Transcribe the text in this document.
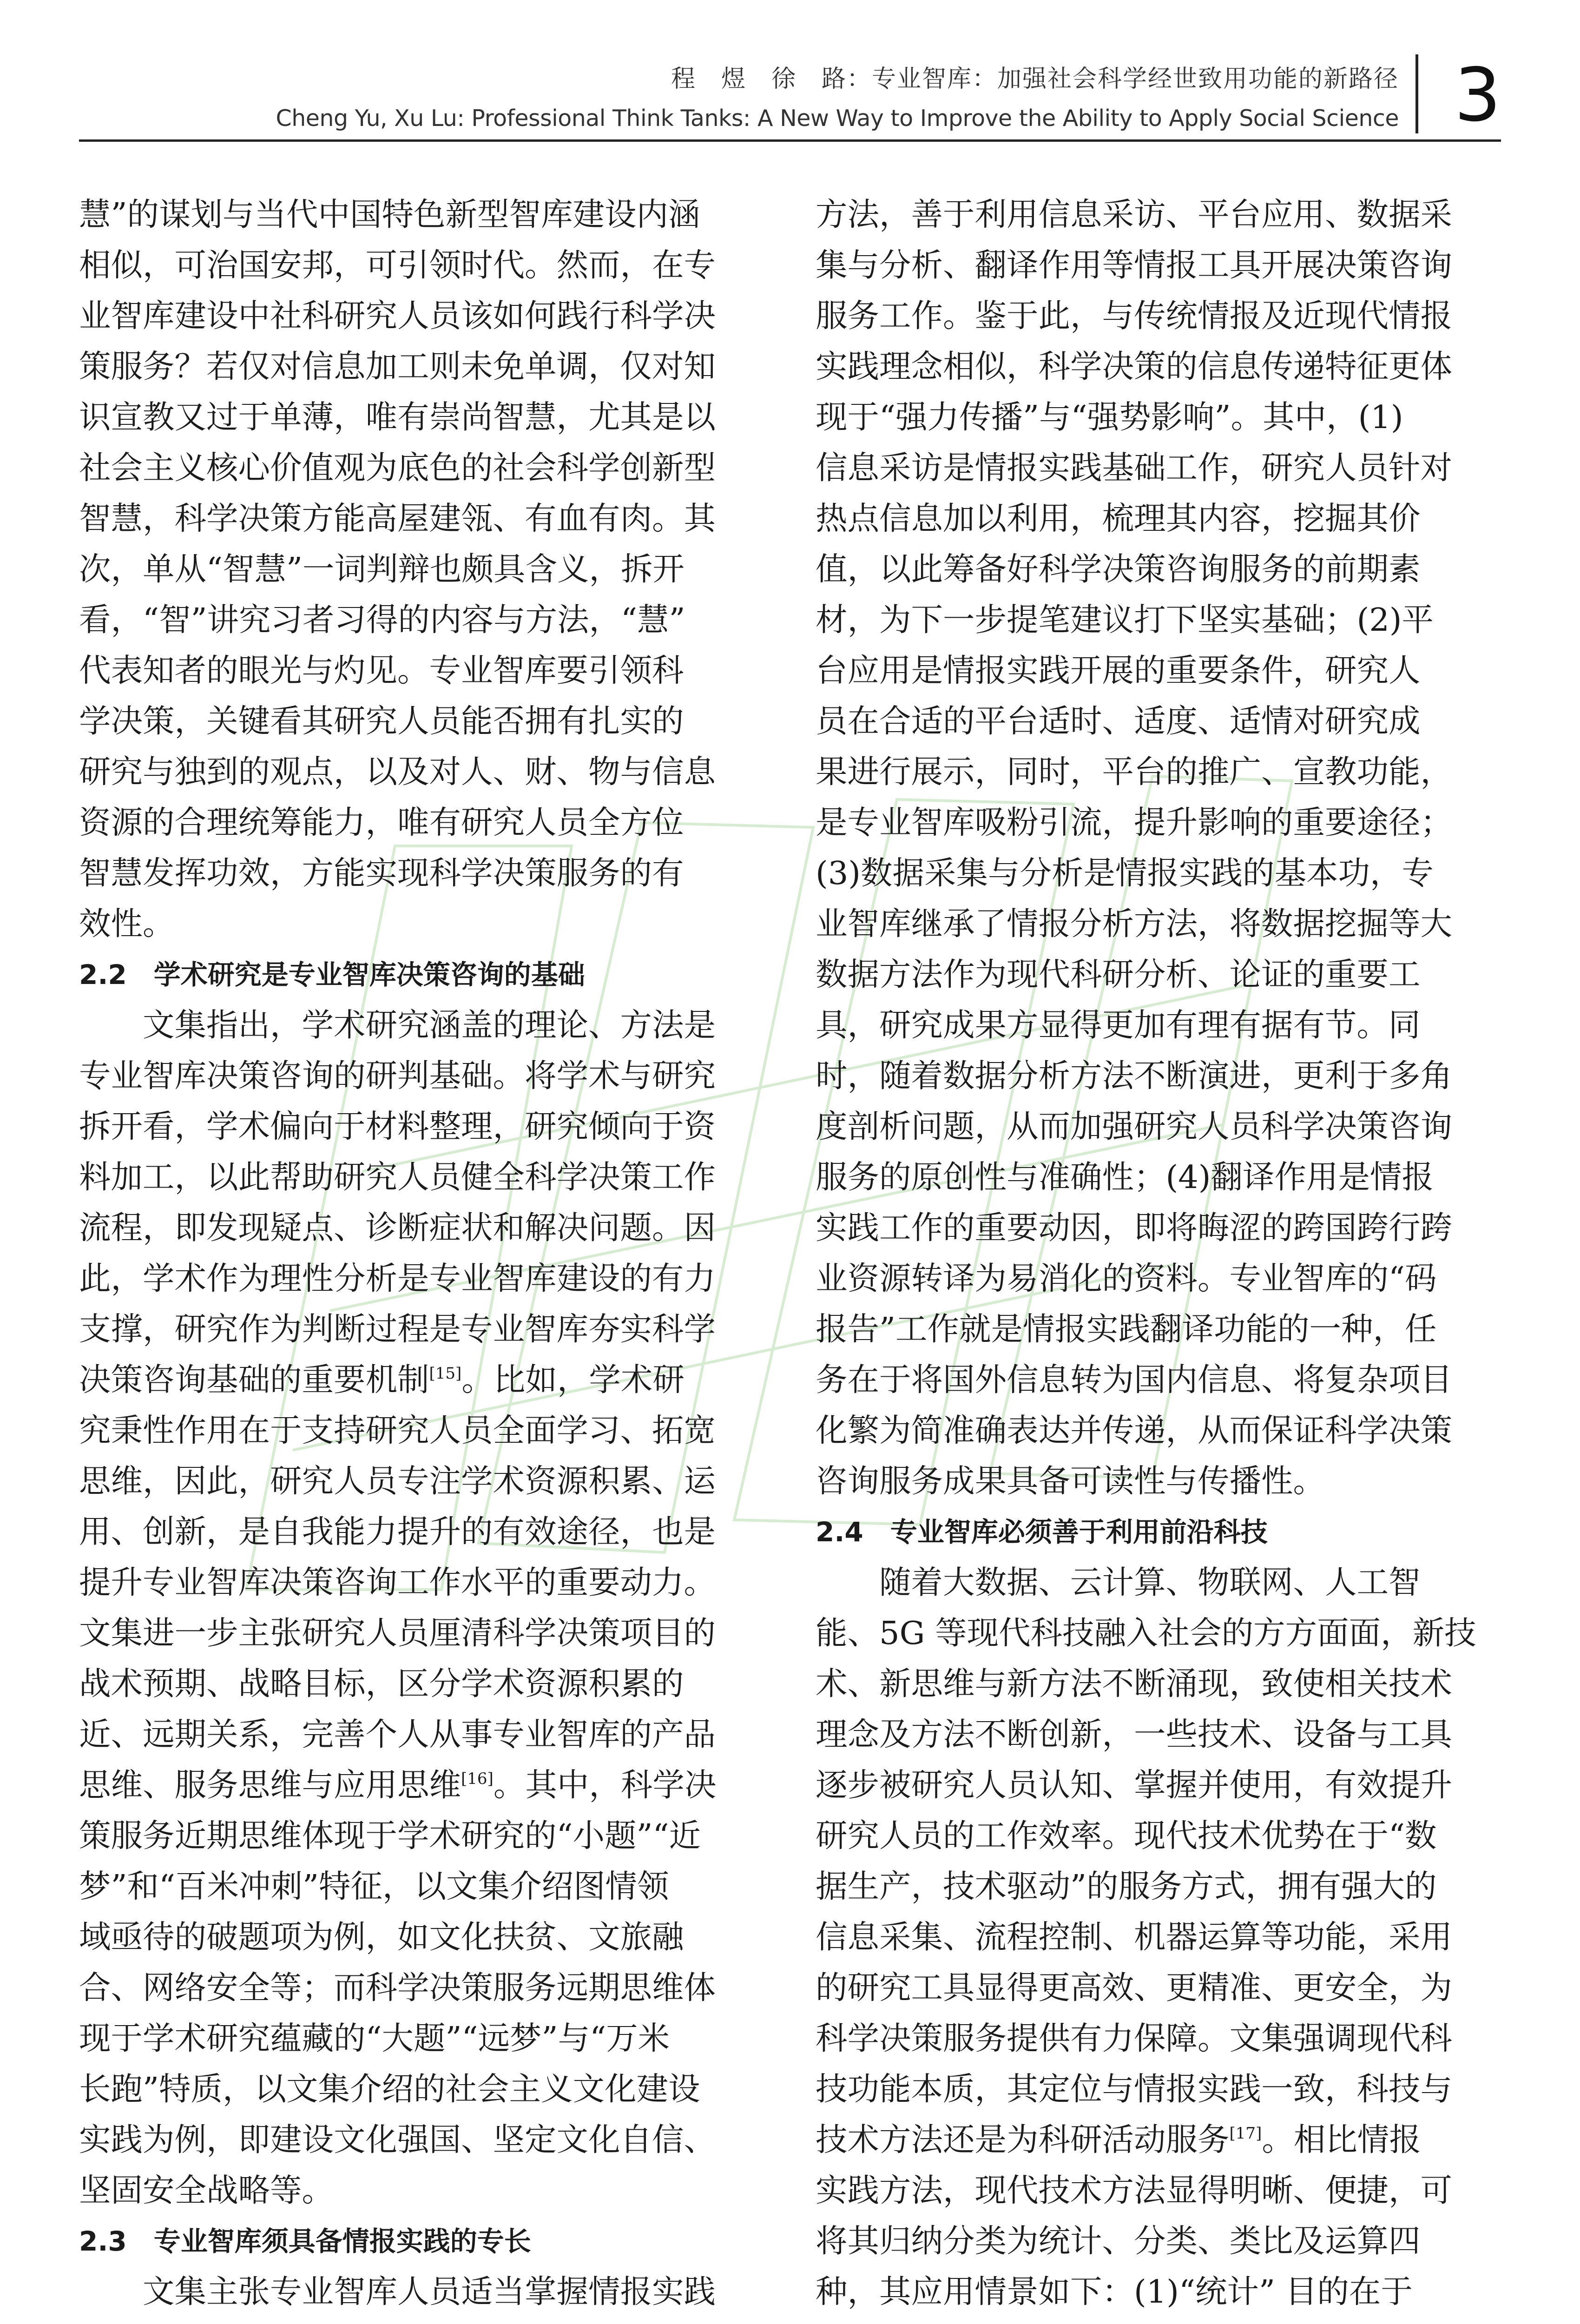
程　煜　徐　路：专业智库：加强社会科学经世致用功能的新路径
Cheng Yu, Xu Lu: Professional Think Tanks: A New Way to Improve the Ability to Apply Social Science 3
慧”的谋划与当代中国特色新型智库建设内涵
相似，可治国安邦，可引领时代。然而，在专
业智库建设中社科研究人员该如何践行科学决
策服务？若仅对信息加工则未免单调，仅对知
识宣教又过于单薄，唯有崇尚智慧，尤其是以
社会主义核心价值观为底色的社会科学创新型
智慧，科学决策方能高屋建瓴、有血有肉。其
次，单从“智慧”一词判辩也颇具含义，拆开
看，“智”讲究习者习得的内容与方法，“慧”
代表知者的眼光与灼见。专业智库要引领科
学决策，关键看其研究人员能否拥有扎实的
研究与独到的观点，以及对人、财、物与信息
资源的合理统筹能力，唯有研究人员全方位
智慧发挥功效，方能实现科学决策服务的有
效性。
2.2　学术研究是专业智库决策咨询的基础
　　文集指出，学术研究涵盖的理论、方法是
专业智库决策咨询的研判基础。将学术与研究
拆开看，学术偏向于材料整理，研究倾向于资
料加工，以此帮助研究人员健全科学决策工作
流程，即发现疑点、诊断症状和解决问题。因
此，学术作为理性分析是专业智库建设的有力
支撑，研究作为判断过程是专业智库夯实科学
决策咨询基础的重要机制[15]。比如，学术研
究秉性作用在于支持研究人员全面学习、拓宽
思维，因此，研究人员专注学术资源积累、运
用、创新，是自我能力提升的有效途径，也是
提升专业智库决策咨询工作水平的重要动力。
文集进一步主张研究人员厘清科学决策项目的
战术预期、战略目标，区分学术资源积累的
近、远期关系，完善个人从事专业智库的产品
思维、服务思维与应用思维[16]。其中，科学决
策服务近期思维体现于学术研究的“小题”“近
梦”和“百米冲刺”特征，以文集介绍图情领
域亟待的破题项为例，如文化扶贫、文旅融
合、网络安全等；而科学决策服务远期思维体
现于学术研究蕴藏的“大题”“远梦”与“万米
长跑”特质，以文集介绍的社会主义文化建设
实践为例，即建设文化强国、坚定文化自信、
坚固安全战略等。
2.3　专业智库须具备情报实践的专长
　　文集主张专业智库人员适当掌握情报实践
方法，善于利用信息采访、平台应用、数据采
集与分析、翻译作用等情报工具开展决策咨询
服务工作。鉴于此，与传统情报及近现代情报
实践理念相似，科学决策的信息传递特征更体
现于“强力传播”与“强势影响”。其中，(1)
信息采访是情报实践基础工作，研究人员针对
热点信息加以利用，梳理其内容，挖掘其价
值，以此筹备好科学决策咨询服务的前期素
材，为下一步提笔建议打下坚实基础；(2)平
台应用是情报实践开展的重要条件，研究人
员在合适的平台适时、适度、适情对研究成
果进行展示，同时，平台的推广、宣教功能，
是专业智库吸粉引流，提升影响的重要途径；
(3)数据采集与分析是情报实践的基本功，专
业智库继承了情报分析方法，将数据挖掘等大
数据方法作为现代科研分析、论证的重要工
具，研究成果方显得更加有理有据有节。同
时，随着数据分析方法不断演进，更利于多角
度剖析问题，从而加强研究人员科学决策咨询
服务的原创性与准确性；(4)翻译作用是情报
实践工作的重要动因，即将晦涩的跨国跨行跨
业资源转译为易消化的资料。专业智库的“码
报告”工作就是情报实践翻译功能的一种，任
务在于将国外信息转为国内信息、将复杂项目
化繁为简准确表达并传递，从而保证科学决策
咨询服务成果具备可读性与传播性。
2.4　专业智库必须善于利用前沿科技
　　随着大数据、云计算、物联网、人工智
能、5G 等现代科技融入社会的方方面面，新技
术、新思维与新方法不断涌现，致使相关技术
理念及方法不断创新，一些技术、设备与工具
逐步被研究人员认知、掌握并使用，有效提升
研究人员的工作效率。现代技术优势在于“数
据生产，技术驱动”的服务方式，拥有强大的
信息采集、流程控制、机器运算等功能，采用
的研究工具显得更高效、更精准、更安全，为
科学决策服务提供有力保障。文集强调现代科
技功能本质，其定位与情报实践一致，科技与
技术方法还是为科研活动服务[17]。相比情报
实践方法，现代技术方法显得明晰、便捷，可
将其归纳分类为统计、分类、类比及运算四
种，其应用情景如下：(1)“统计” 目的在于
